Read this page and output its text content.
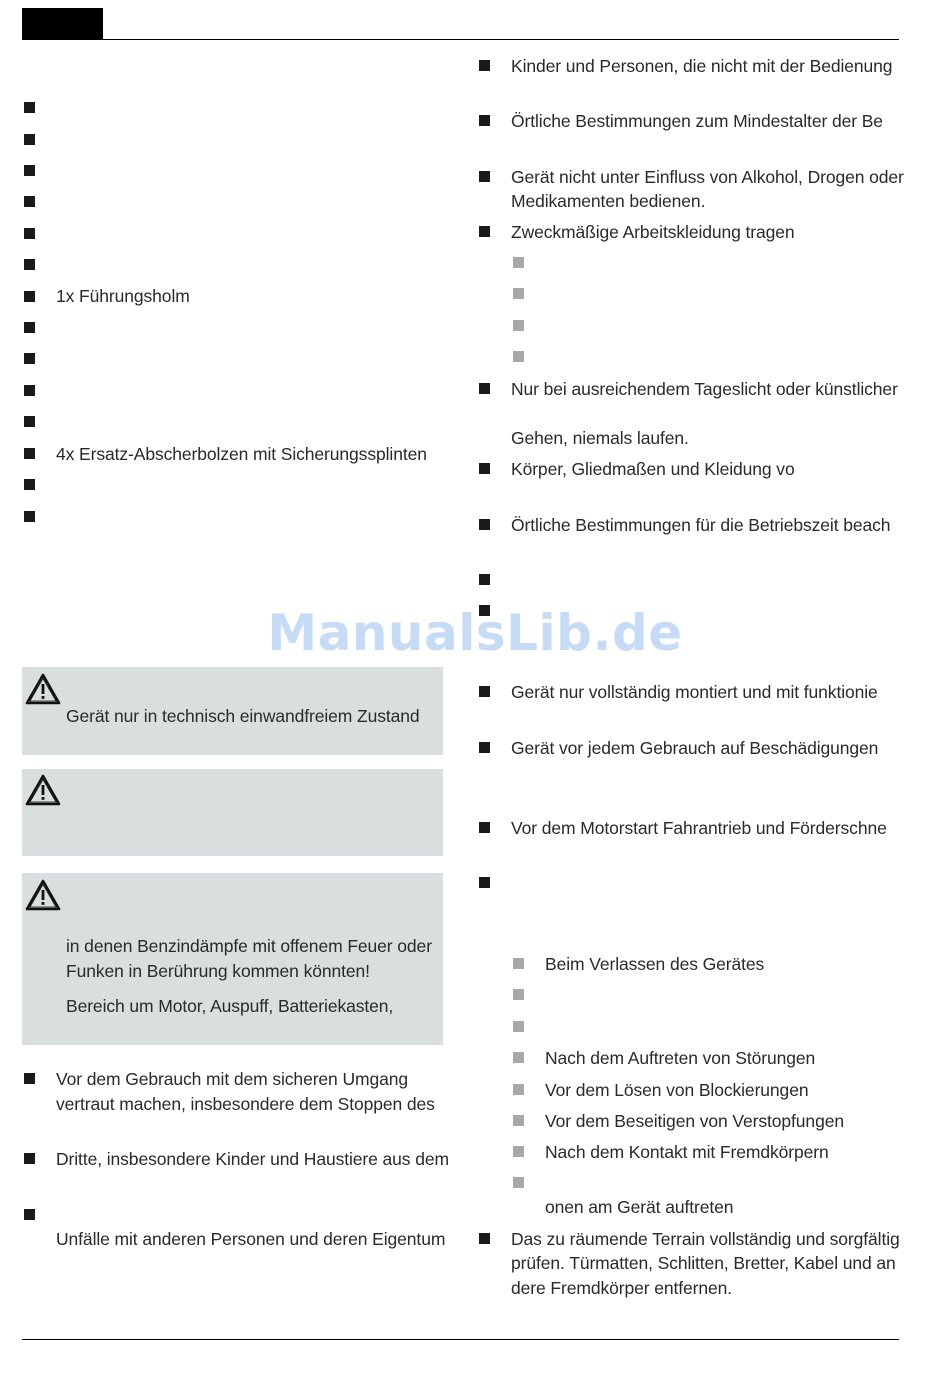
1x Führungsholm
4x Ersatz-Abscherbolzen mit Sicherungssplinten
Gerät nur in technisch einwandfreiem Zustand
in denen Benzindämpfe mit offenem Feuer oder
Funken in Berührung kommen könnten!
Bereich um Motor, Auspuff, Batteriekasten,
Vor dem Gebrauch mit dem sicheren Umgang
vertraut machen, insbesondere dem Stoppen des
Dritte, insbesondere Kinder und Haustiere aus dem
Unfälle mit anderen Personen und deren Eigentum
Kinder und Personen, die nicht mit der Bedienung
Örtliche Bestimmungen zum Mindestalter der Be
Gerät nicht unter Einfluss von Alkohol, Drogen oder
Medikamenten bedienen.
Zweckmäßige Arbeitskleidung tragen
Nur bei ausreichendem Tageslicht oder künstlicher
Gehen, niemals laufen.
Körper, Gliedmaßen und Kleidung vo
Örtliche Bestimmungen für die Betriebszeit beach
Gerät nur vollständig montiert und mit funktionie
Gerät vor jedem Gebrauch auf Beschädigungen
Vor dem Motorstart Fahrantrieb und Förderschne
Beim Verlassen des Gerätes
Nach dem Auftreten von Störungen
Vor dem Lösen von Blockierungen
Vor dem Beseitigen von Verstopfungen
Nach dem Kontakt mit Fremdkörpern
onen am Gerät auftreten
Das zu räumende Terrain vollständig und sorgfältig
prüfen. Türmatten, Schlitten, Bretter, Kabel und an
dere Fremdkörper entfernen.
ManualsLib.de
